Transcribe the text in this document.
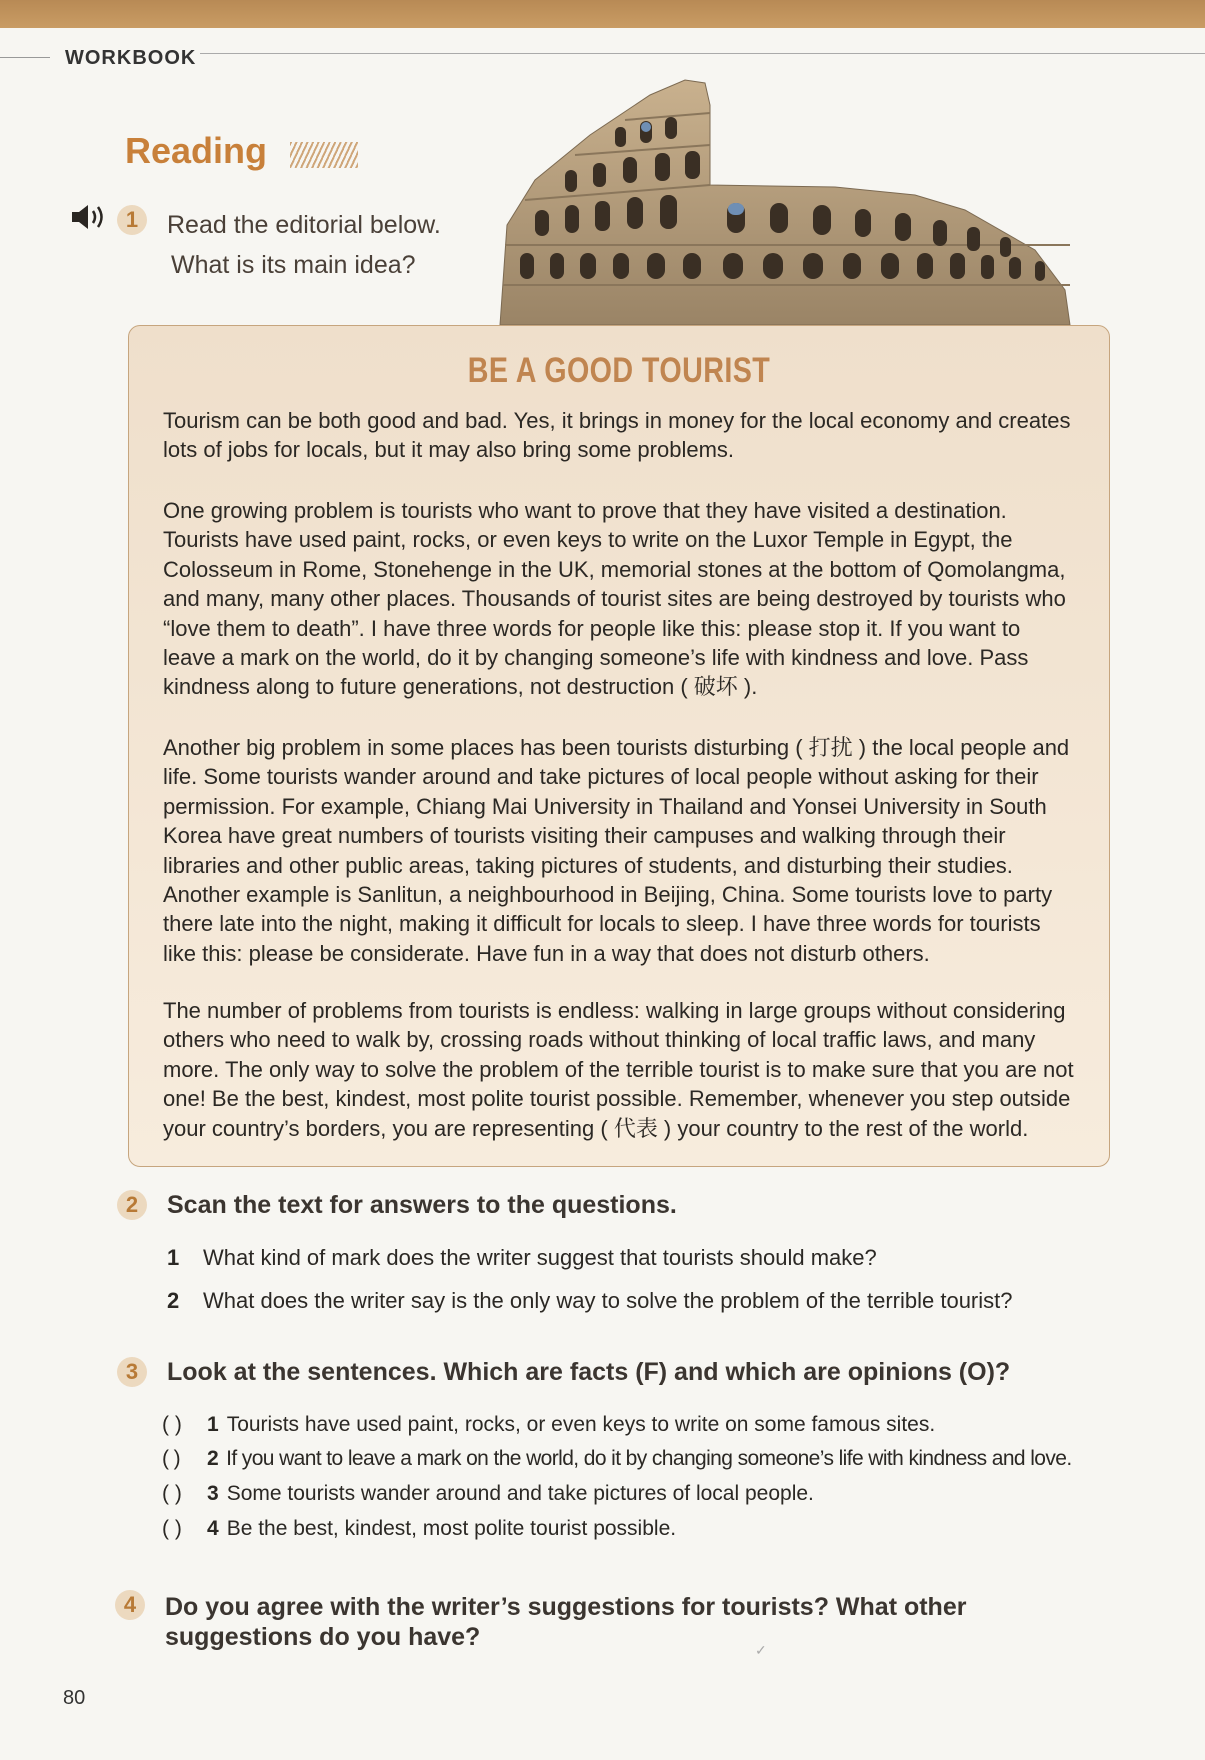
WORKBOOK
Reading
1	Read the editorial below.
What is its main idea?
BE A GOOD TOURIST

Tourism can be both good and bad. Yes, it brings in money for the local economy and creates lots of jobs for locals, but it may also bring some problems.

One growing problem is tourists who want to prove that they have visited a destination. Tourists have used paint, rocks, or even keys to write on the Luxor Temple in Egypt, the Colosseum in Rome, Stonehenge in the UK, memorial stones at the bottom of Qomolangma, and many, many other places. Thousands of tourist sites are being destroyed by tourists who “love them to death”. I have three words for people like this: please stop it. If you want to leave a mark on the world, do it by changing someone’s life with kindness and love. Pass kindness along to future generations, not destruction ( 破坏 ).

Another big problem in some places has been tourists disturbing ( 打扰 ) the local people and life. Some tourists wander around and take pictures of local people without asking for their permission. For example, Chiang Mai University in Thailand and Yonsei University in South Korea have great numbers of tourists visiting their campuses and walking through their libraries and other public areas, taking pictures of students, and disturbing their studies. Another example is Sanlitun, a neighbourhood in Beijing, China. Some tourists love to party there late into the night, making it difficult for locals to sleep. I have three words for tourists like this: please be considerate. Have fun in a way that does not disturb others.

The number of problems from tourists is endless: walking in large groups without considering others who need to walk by, crossing roads without thinking of local traffic laws, and many more. The only way to solve the problem of the terrible tourist is to make sure that you are not one! Be the best, kindest, most polite tourist possible. Remember, whenever you step outside your country’s borders, you are representing ( 代表 ) your country to the rest of the world.

2	Scan the text for answers to the questions.
1 What kind of mark does the writer suggest that tourists should make?
2 What does the writer say is the only way to solve the problem of the terrible tourist?
3	Look at the sentences. Which are facts (F) and which are opinions (O)?
( ) 1 Tourists have used paint, rocks, or even keys to write on some famous sites.
( ) 2 If you want to leave a mark on the world, do it by changing someone’s life with kindness and love.
( ) 3 Some tourists wander around and take pictures of local people.
( ) 4 Be the best, kindest, most polite tourist possible.
4	Do you agree with the writer’s suggestions for tourists? What other
suggestions do you have?	✓
80
